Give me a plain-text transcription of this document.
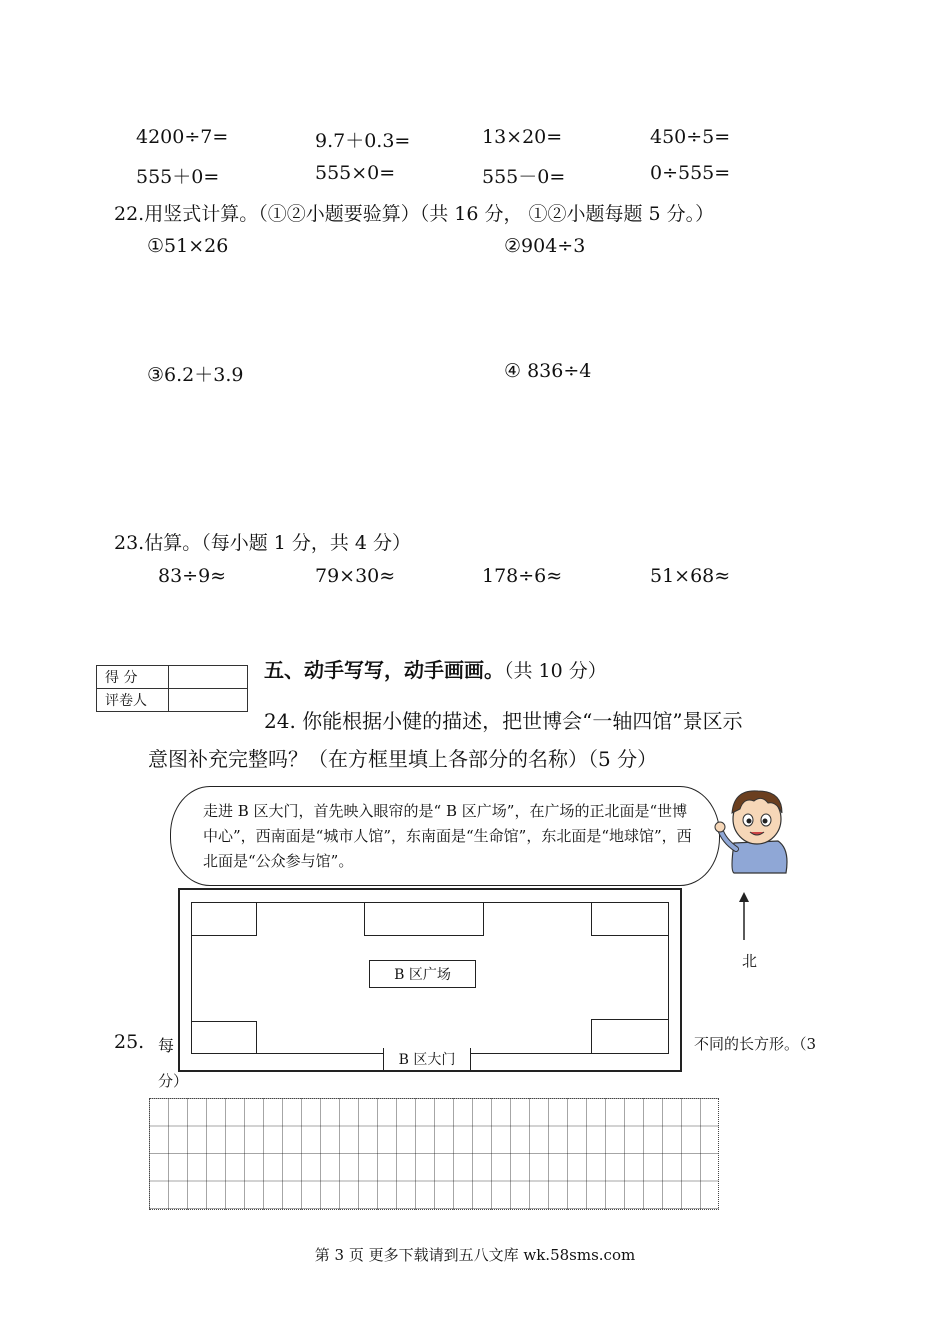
4200÷7=	9.7＋0.3=	13×20=	450÷5=
555＋0=	555×0=	555－0=	0÷555=
22.用竖式计算。（①②小题要验算）（共 16 分， ①②小题每题 5 分。）
①51×26	②904÷3
③6.2＋3.9	④ 836÷4
23.估算。（每小题 1 分，共 4 分）
83÷9≈	79×30≈	178÷6≈	51×68≈
得 分	
评卷人	
五、动手写写，动手画画。（共 10 分）
24. 你能根据小健的描述，把世博会“一轴四馆”景区示
意图补充完整吗？（在方框里填上各部分的名称）（5 分）
走进 B 区大门，首先映入眼帘的是“ B 区广场”，在广场的正北面是“世博中心”，西南面是“城市人馆”，东南面是“生命馆”，东北面是“地球馆”，西北面是“公众参与馆”。
北
25. 每	不同的长方形。（3
分）
B 区广场
B 区大门
第 3 页 更多下载请到五八文库 wk.58sms.com
